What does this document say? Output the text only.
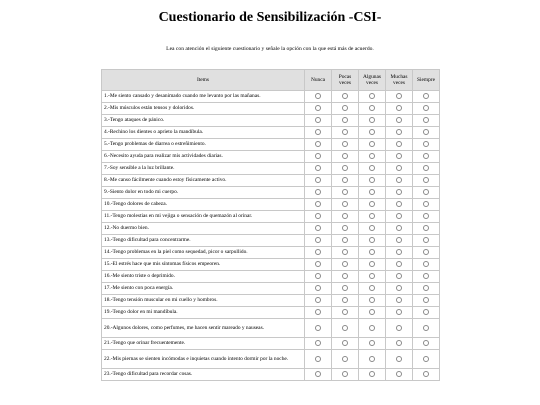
Cuestionario de Sensibilización -CSI-
Lea con atención el siguiente cuestionario y señale la opción con la que está más de acuerdo.
Items	Nunca	Pocas veces	Algunas veces	Muchas veces	Siempre
1.-Me siento cansado y desanimado cuando me levanto por las mañanas.					
2.-Mis músculos están tensos y doloridos.					
3.-Tengo ataques de pánico.					
4.-Rechino los dientes o aprieto la mandíbula.					
5.-Tengo problemas de diarrea o estreñimiento.					
6.-Necesito ayuda para realizar mis actividades diarias.					
7.-Soy sensible a la luz brillante.					
8.-Me canso fácilmente cuando estoy físicamente activo.					
9.-Siento dolor en todo mi cuerpo.					
10.-Tengo dolores de cabeza.					
11.-Tengo molestias en mi vejiga o sensación de quemazón al orinar.					
12.-No duermo bien.					
13.-Tengo dificultad para concentrarme.					
14.-Tengo problemas en la piel como sequedad, picor o sarpullido.					
15.-El estrés hace que mis síntomas físicos empeoren.					
16.-Me siento triste o deprimido.					
17.-Me siento con poca energía.					
18.-Tengo tensión muscular en mi cuello y hombros.					
19.-Tengo dolor en mi mandíbula.					
20.-Algunos dolores, como perfumes, me hacen sentir mareado y nauseas.					
21.-Tengo que orinar frecuentemente.					
22.-Mis piernas se sienten incómodas e inquietas cuando intento dormir por la noche.					
23.-Tengo dificultad para recordar cosas.					
